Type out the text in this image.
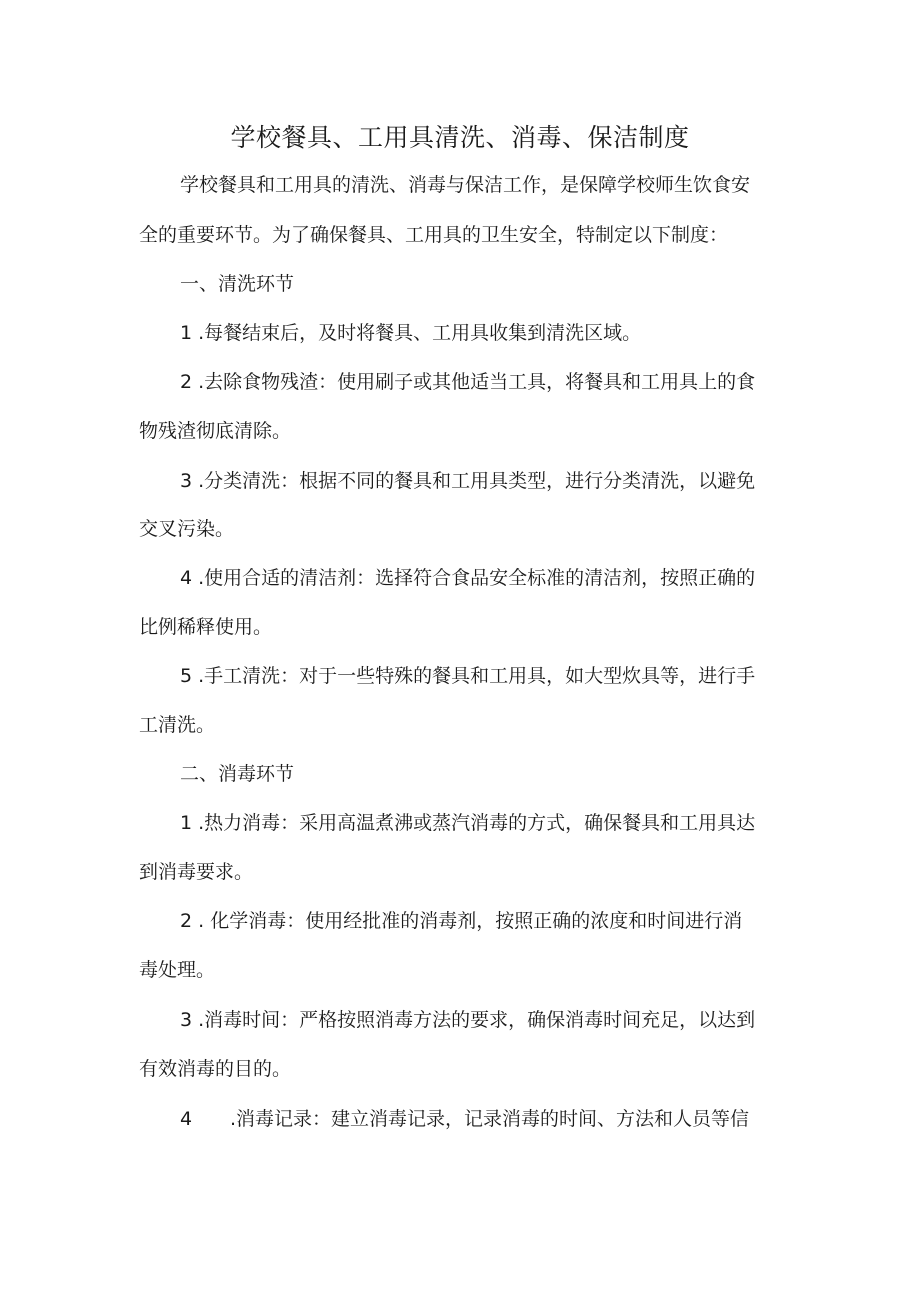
学校餐具、工用具清洗、消毒、保洁制度
学校餐具和工用具的清洗、消毒与保洁工作，是保障学校师生饮食安
全的重要环节。为了确保餐具、工用具的卫生安全，特制定以下制度：
一、清洗环节
1 .每餐结束后，及时将餐具、工用具收集到清洗区域。
2 .去除食物残渣：使用刷子或其他适当工具，将餐具和工用具上的食
物残渣彻底清除。
3 .分类清洗：根据不同的餐具和工用具类型，进行分类清洗，以避免
交叉污染。
4 .使用合适的清洁剂：选择符合食品安全标准的清洁剂，按照正确的
比例稀释使用。
5 .手工清洗：对于一些特殊的餐具和工用具，如大型炊具等，进行手
工清洗。
二、消毒环节
1 .热力消毒：采用高温煮沸或蒸汽消毒的方式，确保餐具和工用具达
到消毒要求。
2 . 化学消毒：使用经批准的消毒剂，按照正确的浓度和时间进行消
毒处理。
3 .消毒时间：严格按照消毒方法的要求，确保消毒时间充足，以达到
有效消毒的目的。
4 .消毒记录：建立消毒记录，记录消毒的时间、方法和人员等信
